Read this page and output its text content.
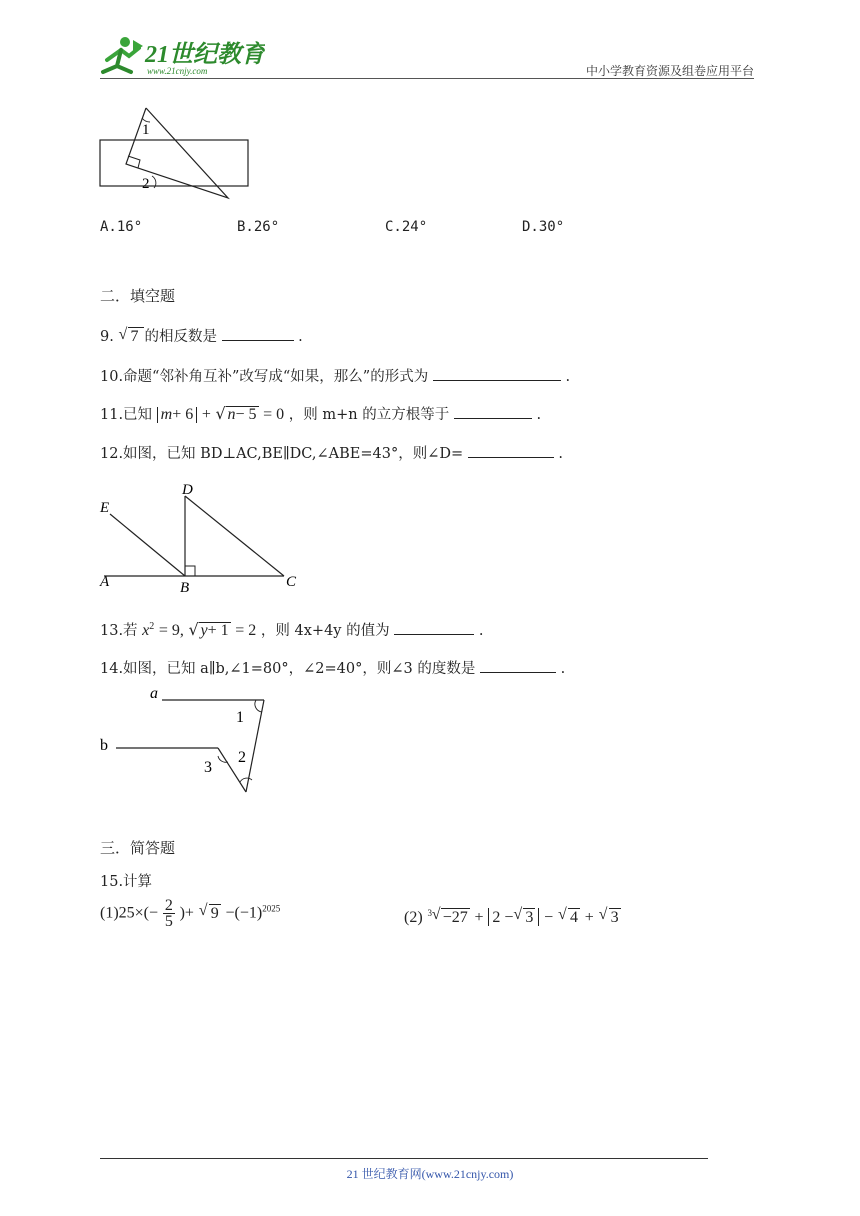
21世纪教育
www.21cnjy.com	中小学教育资源及组卷应用平台
1
2
A.16°	B.26°	C.24°	D.30°
二．填空题
9. √ 7 的相反数是	.
10.命题“邻补角互补”改写成“如果，那么”的形式为	.
11.已知 m+ 6 + √ n− 5 = 0 ，则 m+n 的立方根等于	.
12.如图，已知 BD⊥AC,BE∥DC,∠ABE=43°，则∠D=	.
E
D
A	B	C
13.若 $x^2 = 9$, √ y+ 1 = 2 ，则 4x+4y 的值为	.
14.如图，已知 a∥b,∠1=80°，∠2=40°，则∠3 的度数是	.
a
b
1
2
3
三．简答题
15.计算
$(1)25\times(- \frac{2}{5}$ )+ √ $9 -(-1)^{2025}$
(2) $^3$ √ −27 + 2 − √ 3 − √ 4 + √ 3
21 世纪教育网(www.21cnjy.com)
